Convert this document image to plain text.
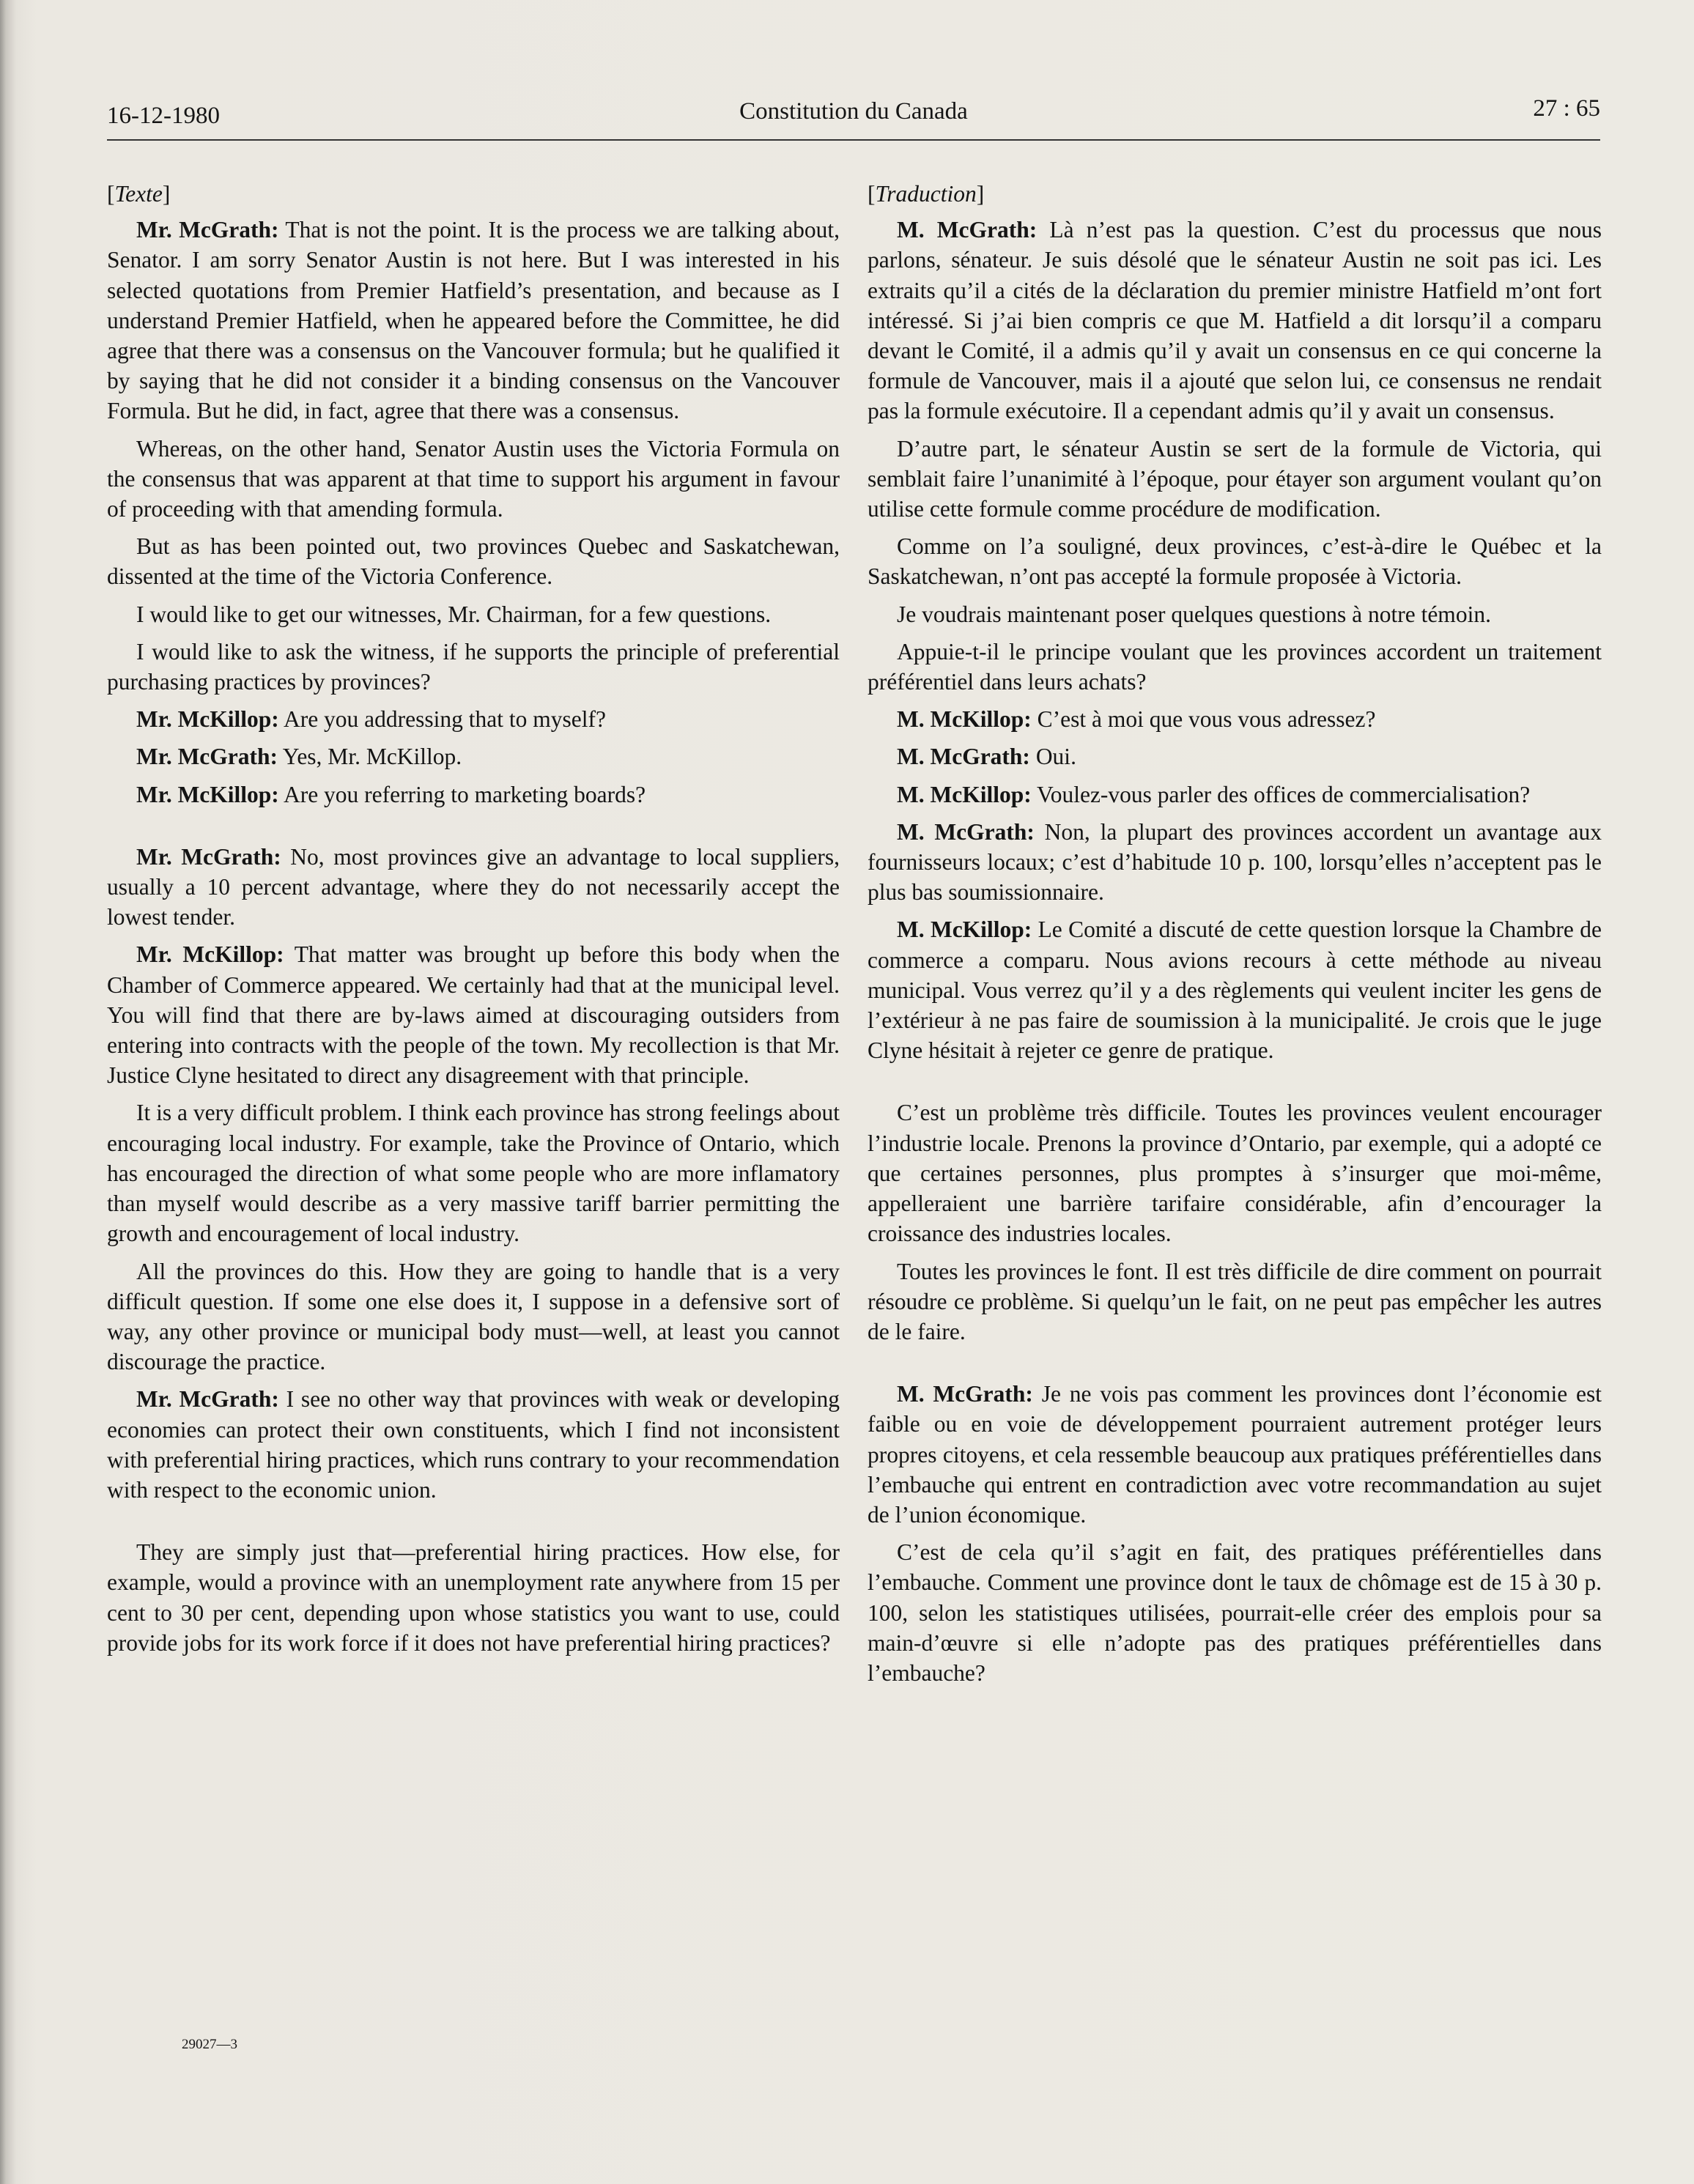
16-12-1980	Constitution du Canada	27 : 65
[Texte]

Mr. McGrath: That is not the point. It is the process we are talking about, Senator. I am sorry Senator Austin is not here. But I was interested in his selected quotations from Premier Hatfield’s presentation, and because as I understand Premier Hatfield, when he appeared before the Committee, he did agree that there was a consensus on the Vancouver formula; but he qualified it by saying that he did not consider it a binding consensus on the Vancouver Formula. But he did, in fact, agree that there was a consensus.

Whereas, on the other hand, Senator Austin uses the Victoria Formula on the consensus that was apparent at that time to support his argument in favour of proceeding with that amending formula.

But as has been pointed out, two provinces Quebec and Saskatchewan, dissented at the time of the Victoria Conference.

I would like to get our witnesses, Mr. Chairman, for a few questions.

I would like to ask the witness, if he supports the principle of preferential purchasing practices by provinces?

Mr. McKillop: Are you addressing that to myself?

Mr. McGrath: Yes, Mr. McKillop.

Mr. McKillop: Are you referring to marketing boards?

Mr. McGrath: No, most provinces give an advantage to local suppliers, usually a 10 percent advantage, where they do not necessarily accept the lowest tender.

Mr. McKillop: That matter was brought up before this body when the Chamber of Commerce appeared. We certainly had that at the municipal level. You will find that there are by-laws aimed at discouraging outsiders from entering into contracts with the people of the town. My recollection is that Mr. Justice Clyne hesitated to direct any disagreement with that principle.

It is a very difficult problem. I think each province has strong feelings about encouraging local industry. For example, take the Province of Ontario, which has encouraged the direction of what some people who are more inflamatory than myself would describe as a very massive tariff barrier permitting the growth and encouragement of local industry.

All the provinces do this. How they are going to handle that is a very difficult question. If some one else does it, I suppose in a defensive sort of way, any other province or municipal body must—well, at least you cannot discourage the practice.

Mr. McGrath: I see no other way that provinces with weak or developing economies can protect their own constituents, which I find not inconsistent with preferential hiring practices, which runs contrary to your recommendation with respect to the economic union.

They are simply just that—preferential hiring practices. How else, for example, would a province with an unemployment rate anywhere from 15 per cent to 30 per cent, depending upon whose statistics you want to use, could provide jobs for its work force if it does not have preferential hiring practices?

[Traduction]

M. McGrath: Là n’est pas la question. C’est du processus que nous parlons, sénateur. Je suis désolé que le sénateur Austin ne soit pas ici. Les extraits qu’il a cités de la déclaration du premier ministre Hatfield m’ont fort intéressé. Si j’ai bien compris ce que M. Hatfield a dit lorsqu’il a comparu devant le Comité, il a admis qu’il y avait un consensus en ce qui concerne la formule de Vancouver, mais il a ajouté que selon lui, ce consensus ne rendait pas la formule exécutoire. Il a cependant admis qu’il y avait un consensus.

D’autre part, le sénateur Austin se sert de la formule de Victoria, qui semblait faire l’unanimité à l’époque, pour étayer son argument voulant qu’on utilise cette formule comme procédure de modification.

Comme on l’a souligné, deux provinces, c’est-à-dire le Québec et la Saskatchewan, n’ont pas accepté la formule proposée à Victoria.

Je voudrais maintenant poser quelques questions à notre témoin.

Appuie-t-il le principe voulant que les provinces accordent un traitement préférentiel dans leurs achats?

M. McKillop: C’est à moi que vous vous adressez?

M. McGrath: Oui.

M. McKillop: Voulez-vous parler des offices de commercialisation?

M. McGrath: Non, la plupart des provinces accordent un avantage aux fournisseurs locaux; c’est d’habitude 10 p. 100, lorsqu’elles n’acceptent pas le plus bas soumissionnaire.

M. McKillop: Le Comité a discuté de cette question lorsque la Chambre de commerce a comparu. Nous avions recours à cette méthode au niveau municipal. Vous verrez qu’il y a des règlements qui veulent inciter les gens de l’extérieur à ne pas faire de soumission à la municipalité. Je crois que le juge Clyne hésitait à rejeter ce genre de pratique.

C’est un problème très difficile. Toutes les provinces veulent encourager l’industrie locale. Prenons la province d’Ontario, par exemple, qui a adopté ce que certaines personnes, plus promptes à s’insurger que moi-même, appelleraient une barrière tarifaire considérable, afin d’encourager la croissance des industries locales.

Toutes les provinces le font. Il est très difficile de dire comment on pourrait résoudre ce problème. Si quelqu’un le fait, on ne peut pas empêcher les autres de le faire.

M. McGrath: Je ne vois pas comment les provinces dont l’économie est faible ou en voie de développement pourraient autrement protéger leurs propres citoyens, et cela ressemble beaucoup aux pratiques préférentielles dans l’embauche qui entrent en contradiction avec votre recommandation au sujet de l’union économique.

C’est de cela qu’il s’agit en fait, des pratiques préférentielles dans l’embauche. Comment une province dont le taux de chômage est de 15 à 30 p. 100, selon les statistiques utilisées, pourrait-elle créer des emplois pour sa main-d’œuvre si elle n’adopte pas des pratiques préférentielles dans l’embauche?

29027—3
